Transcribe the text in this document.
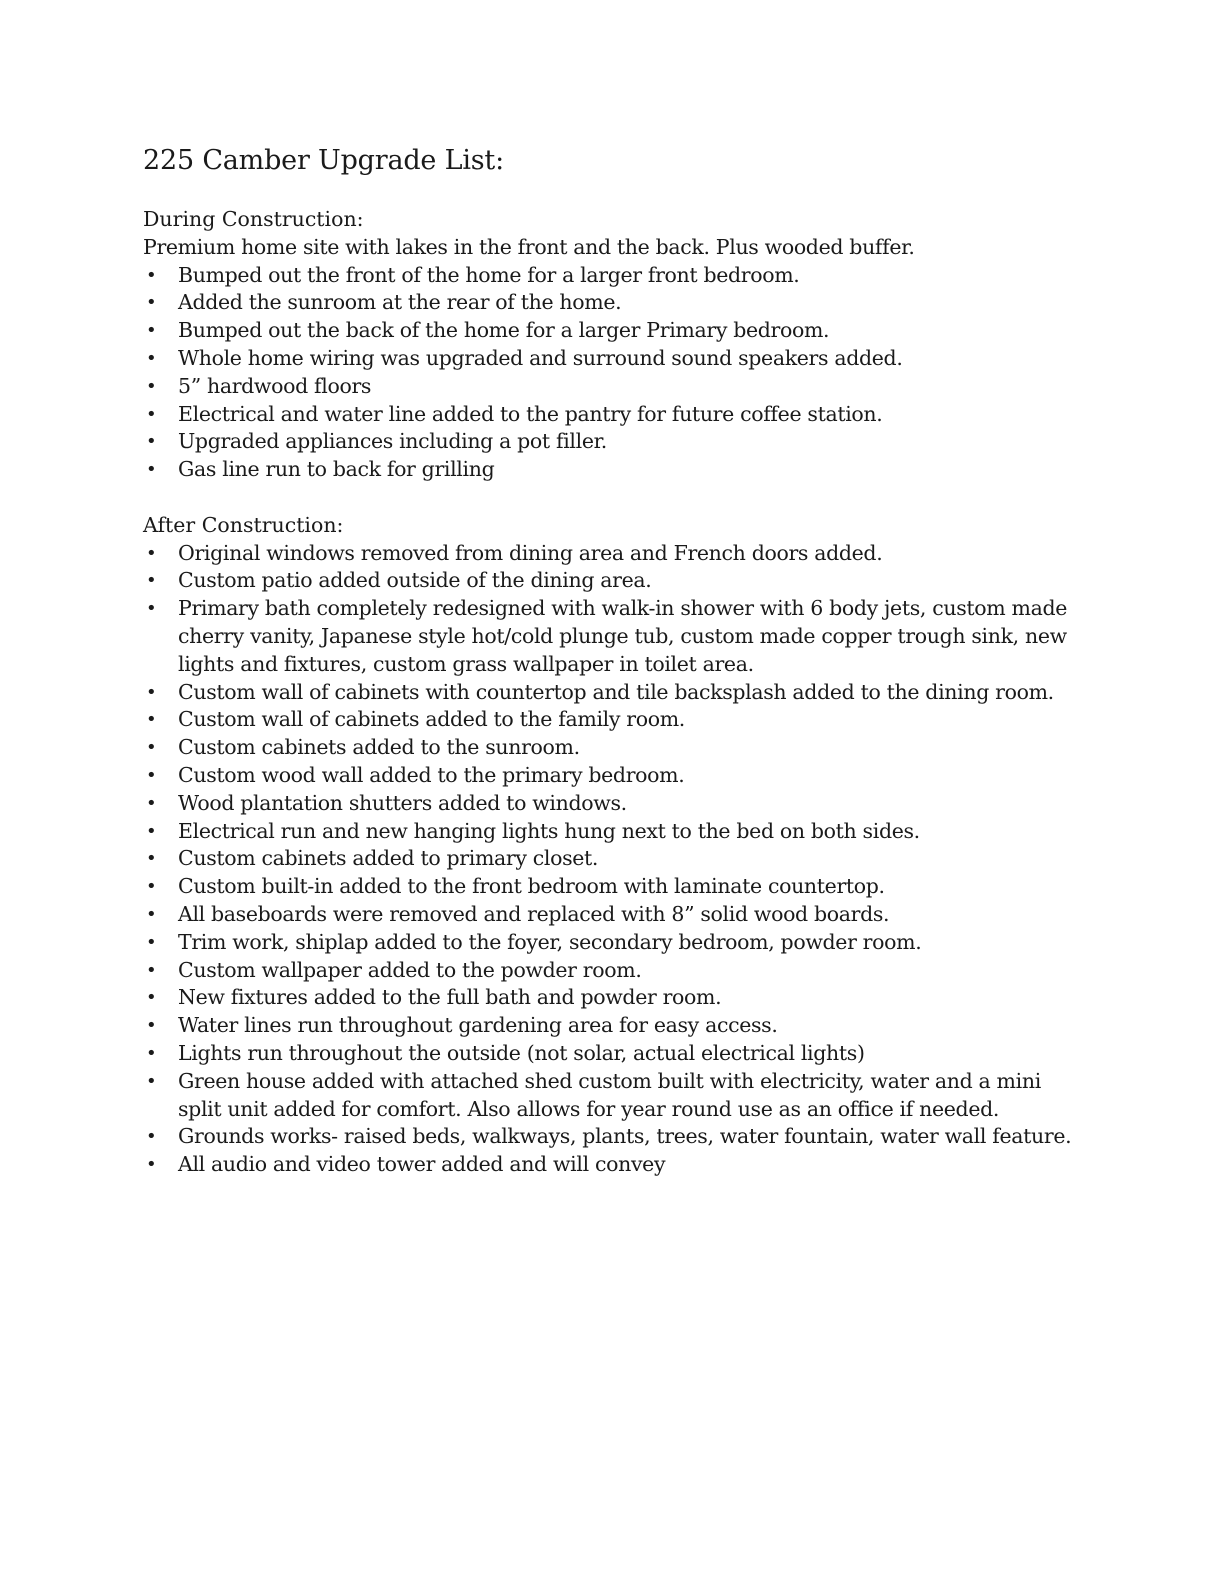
225 Camber Upgrade List:

During Construction:

Premium home site with lakes in the front and the back. Plus wooded buffer.

• Bumped out the front of the home for a larger front bedroom.
• Added the sunroom at the rear of the home.
• Bumped out the back of the home for a larger Primary bedroom.
• Whole home wiring was upgraded and surround sound speakers added.
• 5” hardwood floors
• Electrical and water line added to the pantry for future coffee station.
• Upgraded appliances including a pot filler.
• Gas line run to back for grilling

After Construction:

• Original windows removed from dining area and French doors added.
• Custom patio added outside of the dining area.
• Primary bath completely redesigned with walk-in shower with 6 body jets, custom made cherry vanity, Japanese style hot/cold plunge tub, custom made copper trough sink, new lights and fixtures, custom grass wallpaper in toilet area.
• Custom wall of cabinets with countertop and tile backsplash added to the dining room.
• Custom wall of cabinets added to the family room.
• Custom cabinets added to the sunroom.
• Custom wood wall added to the primary bedroom.
• Wood plantation shutters added to windows.
• Electrical run and new hanging lights hung next to the bed on both sides.
• Custom cabinets added to primary closet.
• Custom built-in added to the front bedroom with laminate countertop.
• All baseboards were removed and replaced with 8” solid wood boards.
• Trim work, shiplap added to the foyer, secondary bedroom, powder room.
• Custom wallpaper added to the powder room.
• New fixtures added to the full bath and powder room.
• Water lines run throughout gardening area for easy access.
• Lights run throughout the outside (not solar, actual electrical lights)
• Green house added with attached shed custom built with electricity, water and a mini split unit added for comfort. Also allows for year round use as an office if needed.
• Grounds works- raised beds, walkways, plants, trees, water fountain, water wall feature.
• All audio and video tower added and will convey
